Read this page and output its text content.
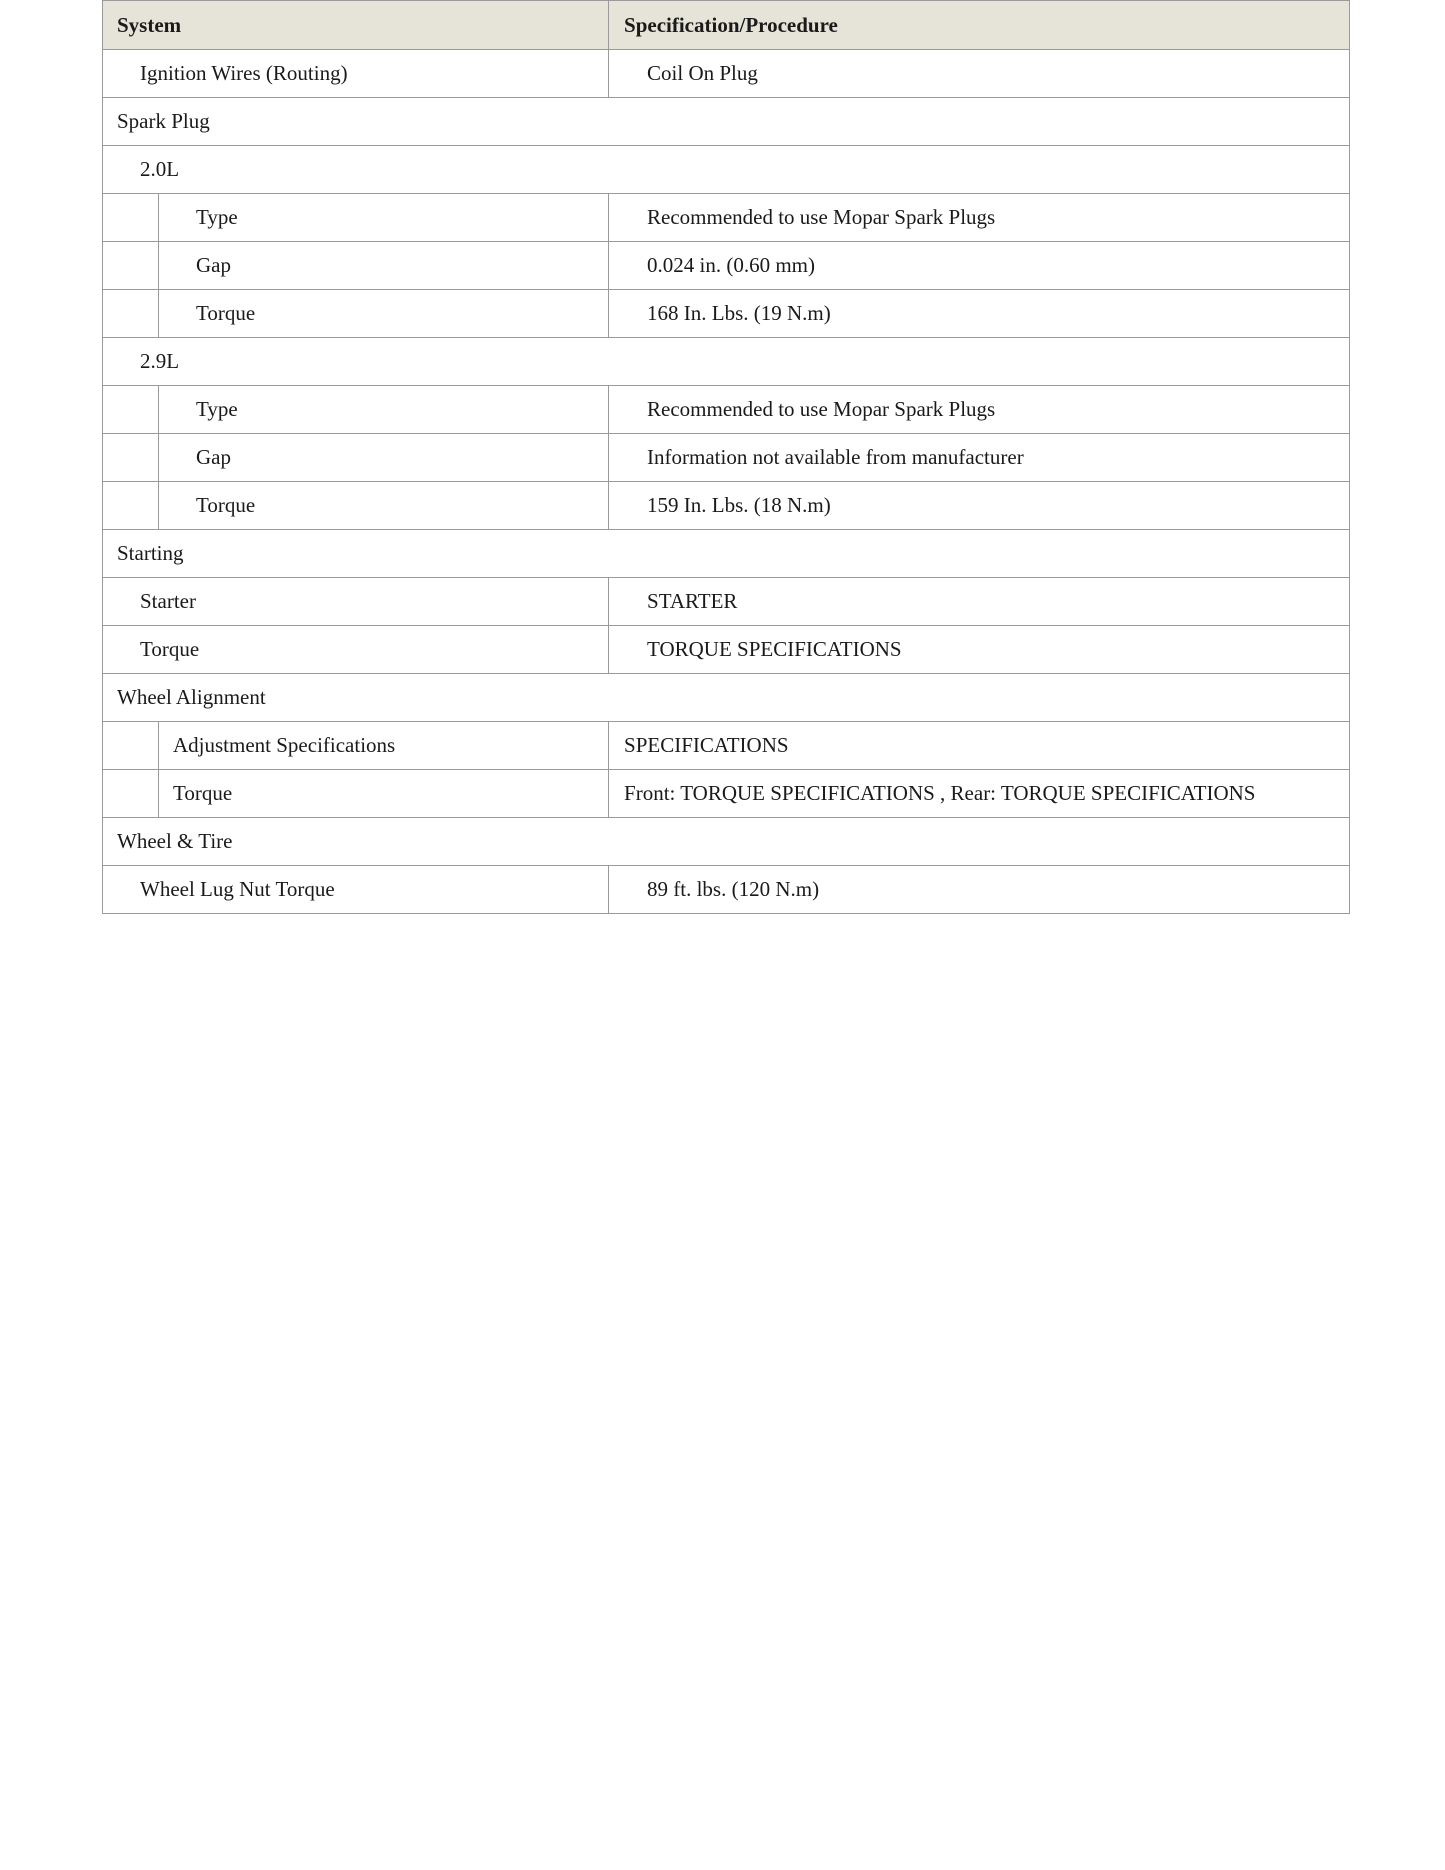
System		Specification/Procedure
Ignition Wires (Routing)		Coil On Plug
Spark Plug		
2.0L		
	Type	Recommended to use Mopar Spark Plugs
	Gap	0.024 in. (0.60 mm)
	Torque	168 In. Lbs. (19 N.m)
2.9L		
	Type	Recommended to use Mopar Spark Plugs
	Gap	Information not available from manufacturer
	Torque	159 In. Lbs. (18 N.m)
Starting		
Starter		STARTER
Torque		TORQUE SPECIFICATIONS
Wheel Alignment		
	Adjustment Specifications	SPECIFICATIONS
	Torque	Front: TORQUE SPECIFICATIONS , Rear: TORQUE SPECIFICATIONS
Wheel & Tire		
Wheel Lug Nut Torque		89 ft. lbs. (120 N.m)
